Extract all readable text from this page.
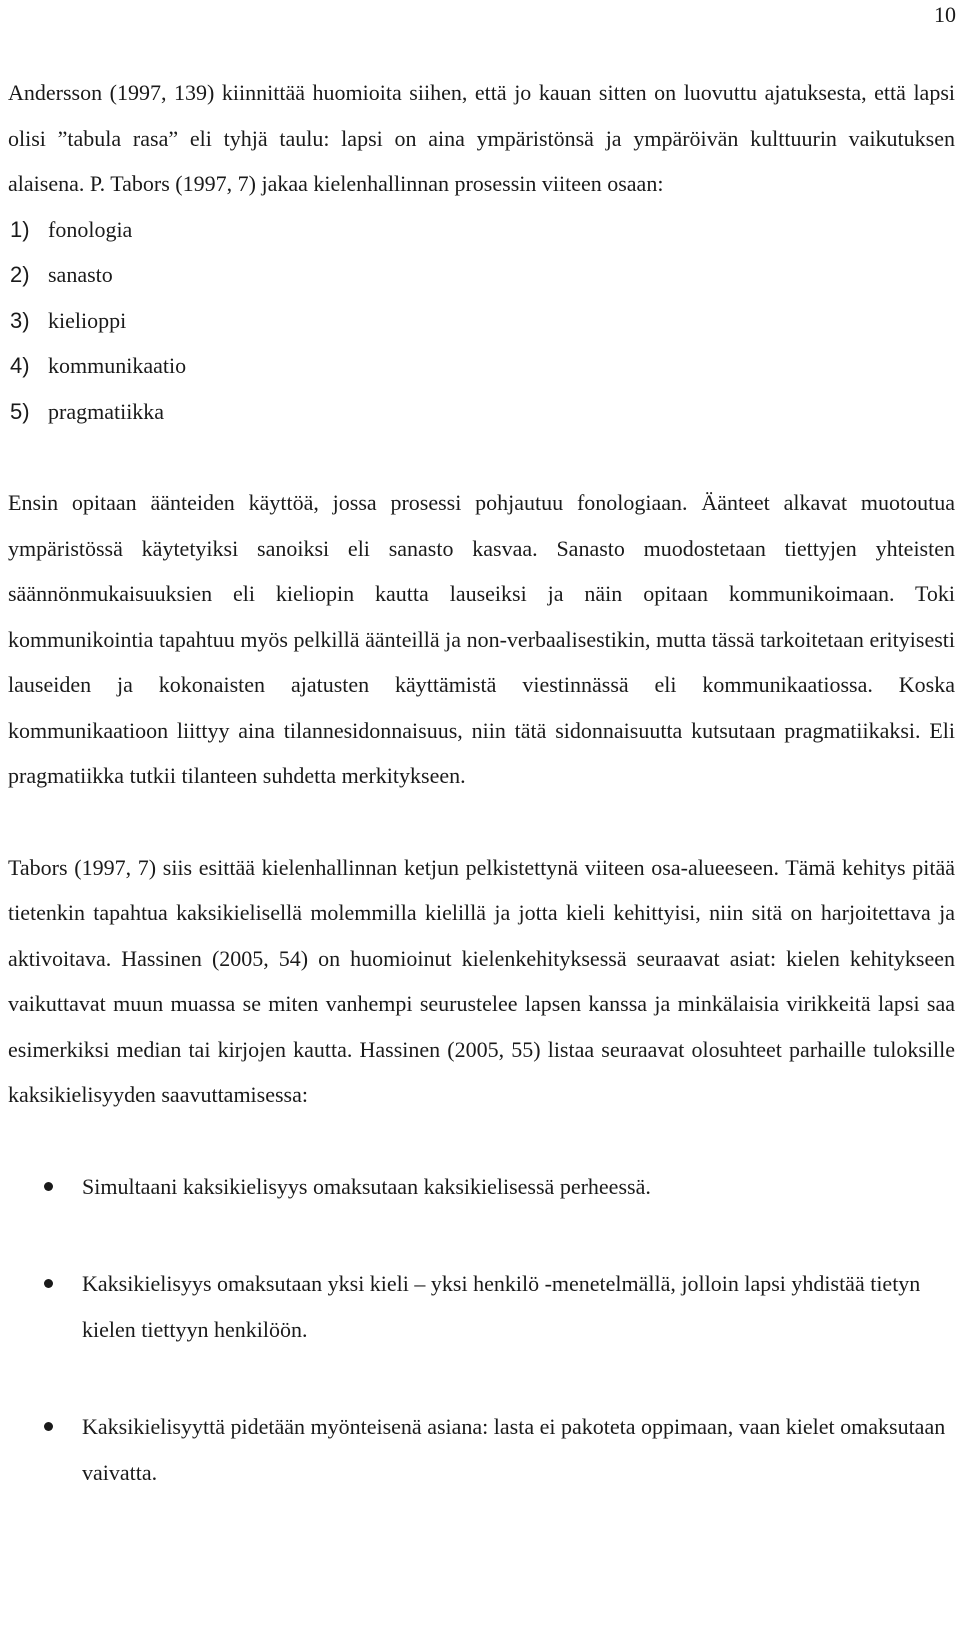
10

Andersson (1997, 139) kiinnittää huomioita siihen, että jo kauan sitten on luovuttu ajatuksesta, että lapsi olisi ”tabula rasa” eli tyhjä taulu: lapsi on aina ympäristönsä ja ympäröivän kulttuurin vaikutuksen alaisena. P. Tabors (1997, 7) jakaa kielenhallinnan prosessin viiteen osaan:

1) fonologia
2) sanasto
3) kielioppi
4) kommunikaatio
5) pragmatiikka

Ensin opitaan äänteiden käyttöä, jossa prosessi pohjautuu fonologiaan. Äänteet alkavat muotoutua ympäristössä käytetyiksi sanoiksi eli sanasto kasvaa. Sanasto muodostetaan tiettyjen yhteisten säännönmukaisuuksien eli kieliopin kautta lauseiksi ja näin opitaan kommunikoimaan. Toki kommunikointia tapahtuu myös pelkillä äänteillä ja non-verbaalisestikin, mutta tässä tarkoitetaan erityisesti lauseiden ja kokonaisten ajatusten käyttämistä viestinnässä eli kommunikaatiossa. Koska kommunikaatioon liittyy aina tilannesidonnaisuus, niin tätä sidonnaisuutta kutsutaan pragmatiikaksi. Eli pragmatiikka tutkii tilanteen suhdetta merkitykseen.

Tabors (1997, 7) siis esittää kielenhallinnan ketjun pelkistettynä viiteen osa-alueeseen. Tämä kehitys pitää tietenkin tapahtua kaksikielisellä molemmilla kielillä ja jotta kieli kehittyisi, niin sitä on harjoitettava ja aktivoitava. Hassinen (2005, 54) on huomioinut kielenkehityksessä seuraavat asiat: kielen kehitykseen vaikuttavat muun muassa se miten vanhempi seurustelee lapsen kanssa ja minkälaisia virikkeitä lapsi saa esimerkiksi median tai kirjojen kautta. Hassinen (2005, 55) listaa seuraavat olosuhteet parhaille tuloksille kaksikielisyyden saavuttamisessa:

Simultaani kaksikielisyys omaksutaan kaksikielisessä perheessä.
Kaksikielisyys omaksutaan yksi kieli – yksi henkilö -menetelmällä, jolloin lapsi yhdistää tietyn kielen tiettyyn henkilöön.
Kaksikielisyyttä pidetään myönteisenä asiana: lasta ei pakoteta oppimaan, vaan kielet omaksutaan vaivatta.
